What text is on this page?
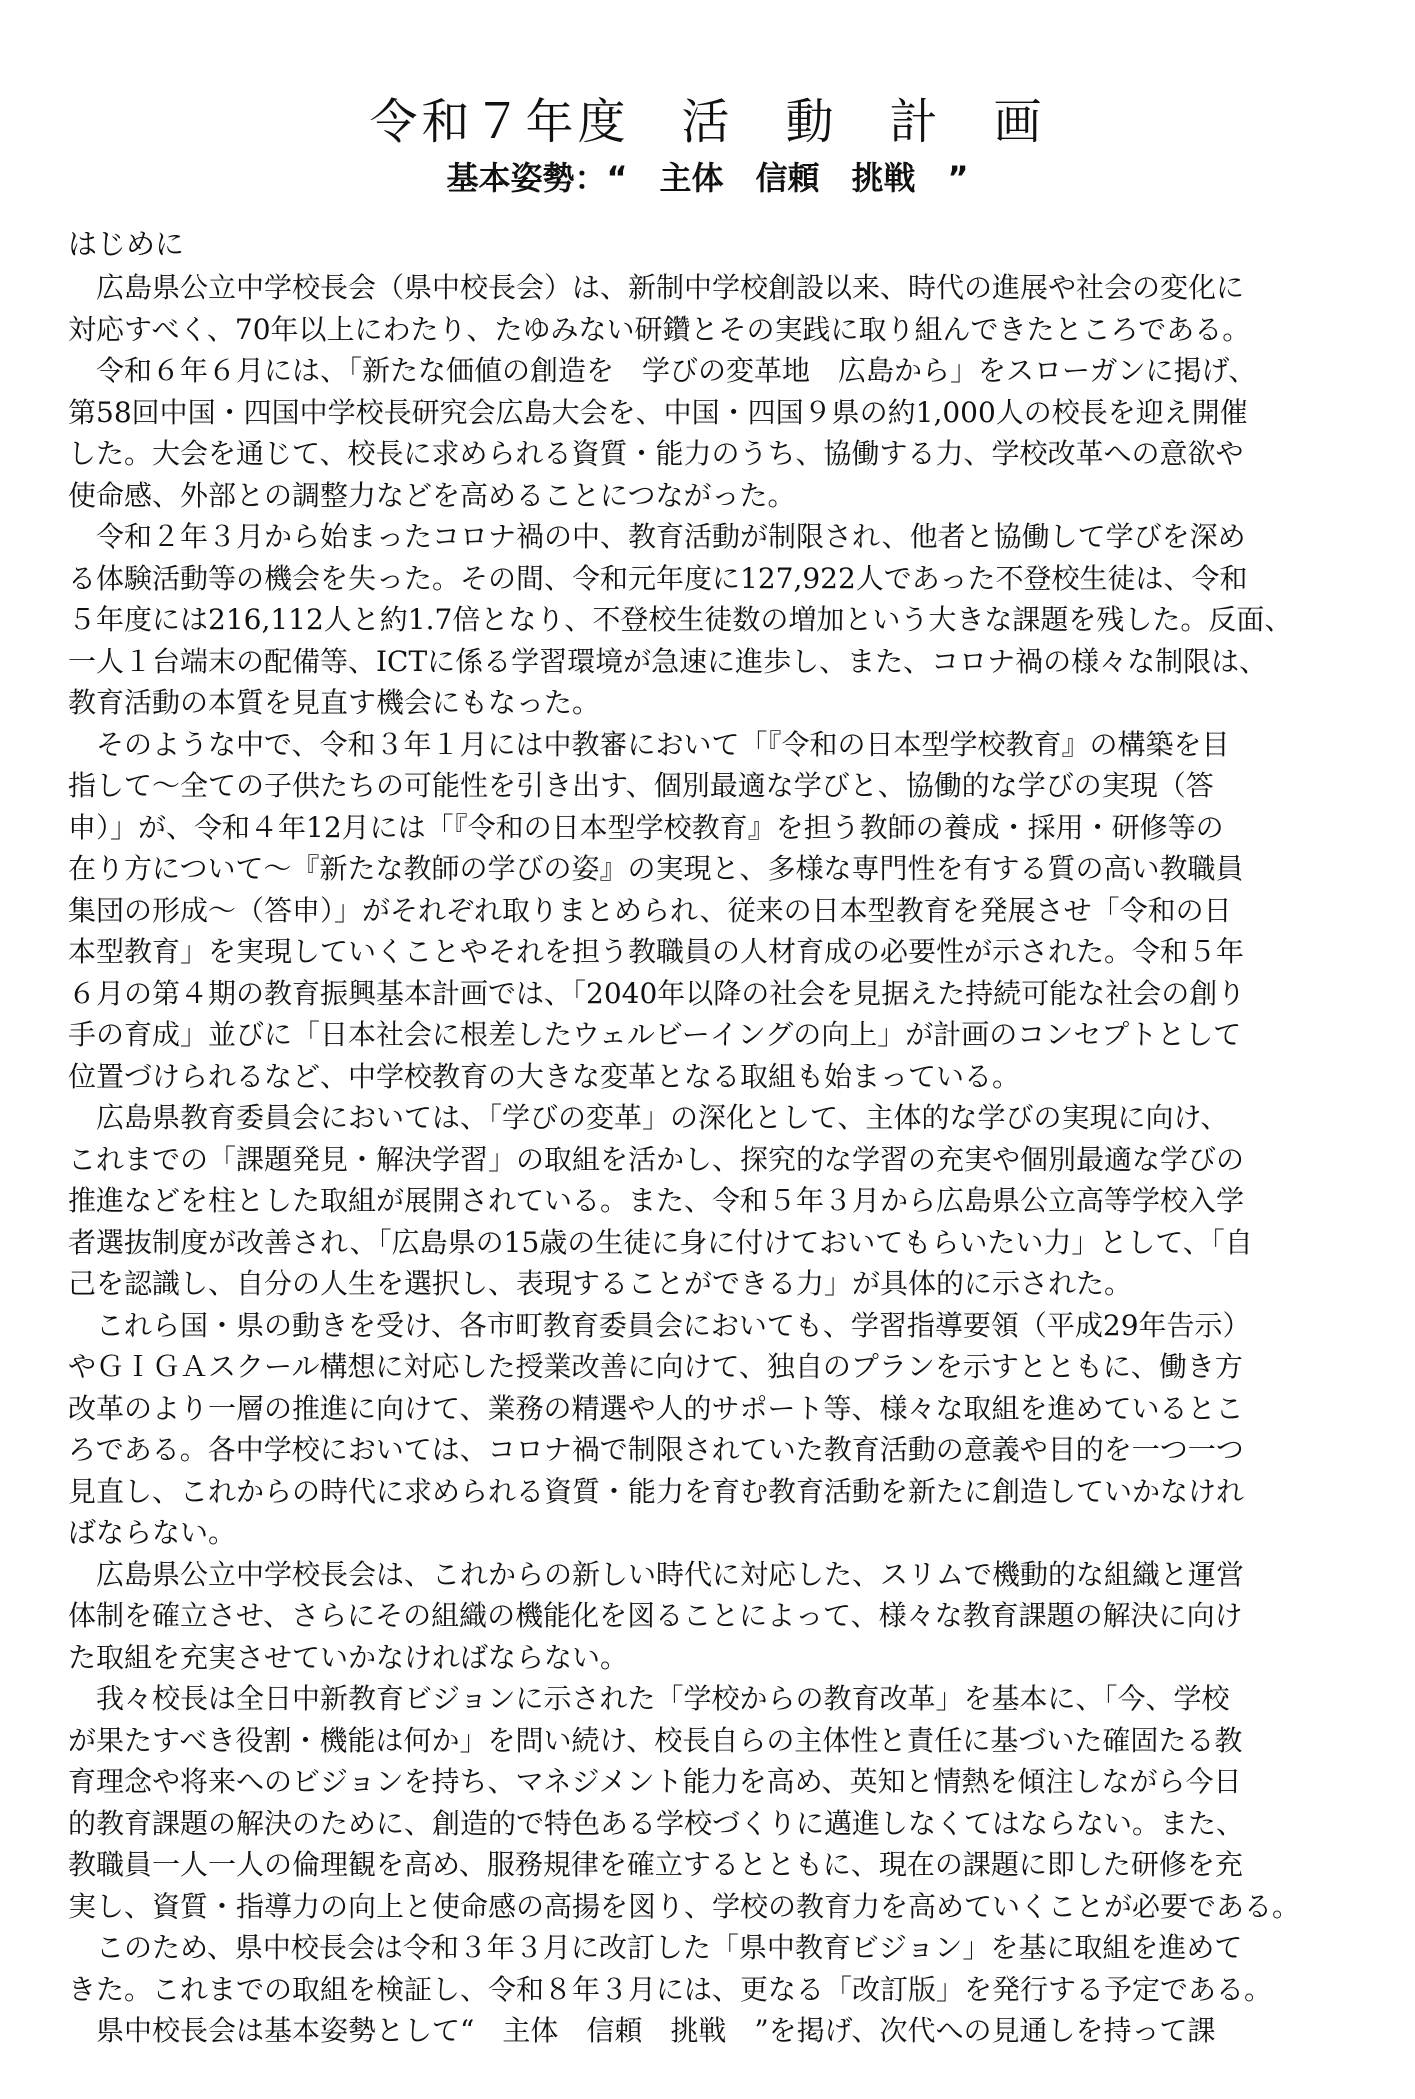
令和７年度　活　動　計　画
基本姿勢：“　主体　信頼　挑戦　”
はじめに
　広島県公立中学校長会（県中校長会）は、新制中学校創設以来、時代の進展や社会の変化に
対応すべく、70年以上にわたり、たゆみない研鑽とその実践に取り組んできたところである。
　令和６年６月には、「新たな価値の創造を　学びの変革地　広島から」をスローガンに掲げ、
第58回中国・四国中学校長研究会広島大会を、中国・四国９県の約1,000人の校長を迎え開催
した。大会を通じて、校長に求められる資質・能力のうち、協働する力、学校改革への意欲や
使命感、外部との調整力などを高めることにつながった。
　令和２年３月から始まったコロナ禍の中、教育活動が制限され、他者と協働して学びを深め
る体験活動等の機会を失った。その間、令和元年度に127,922人であった不登校生徒は、令和
５年度には216,112人と約1.7倍となり、不登校生徒数の増加という大きな課題を残した。反面、
一人１台端末の配備等、ICTに係る学習環境が急速に進歩し、また、コロナ禍の様々な制限は、
教育活動の本質を見直す機会にもなった。
　そのような中で、令和３年１月には中教審において「『令和の日本型学校教育』の構築を目
指して～全ての子供たちの可能性を引き出す、個別最適な学びと、協働的な学びの実現（答
申）」が、令和４年12月には「『令和の日本型学校教育』を担う教師の養成・採用・研修等の
在り方について～『新たな教師の学びの姿』の実現と、多様な専門性を有する質の高い教職員
集団の形成～（答申）」がそれぞれ取りまとめられ、従来の日本型教育を発展させ「令和の日
本型教育」を実現していくことやそれを担う教職員の人材育成の必要性が示された。令和５年
６月の第４期の教育振興基本計画では、「2040年以降の社会を見据えた持続可能な社会の創り
手の育成」並びに「日本社会に根差したウェルビーイングの向上」が計画のコンセプトとして
位置づけられるなど、中学校教育の大きな変革となる取組も始まっている。
　広島県教育委員会においては、「学びの変革」の深化として、主体的な学びの実現に向け、
これまでの「課題発見・解決学習」の取組を活かし、探究的な学習の充実や個別最適な学びの
推進などを柱とした取組が展開されている。また、令和５年３月から広島県公立高等学校入学
者選抜制度が改善され、「広島県の15歳の生徒に身に付けておいてもらいたい力」として、「自
己を認識し、自分の人生を選択し、表現することができる力」が具体的に示された。
　これら国・県の動きを受け、各市町教育委員会においても、学習指導要領（平成29年告示）
やＧＩＧＡスクール構想に対応した授業改善に向けて、独自のプランを示すとともに、働き方
改革のより一層の推進に向けて、業務の精選や人的サポート等、様々な取組を進めているとこ
ろである。各中学校においては、コロナ禍で制限されていた教育活動の意義や目的を一つ一つ
見直し、これからの時代に求められる資質・能力を育む教育活動を新たに創造していかなけれ
ばならない。
　広島県公立中学校長会は、これからの新しい時代に対応した、スリムで機動的な組織と運営
体制を確立させ、さらにその組織の機能化を図ることによって、様々な教育課題の解決に向け
た取組を充実させていかなければならない。
　我々校長は全日中新教育ビジョンに示された「学校からの教育改革」を基本に、「今、学校
が果たすべき役割・機能は何か」を問い続け、校長自らの主体性と責任に基づいた確固たる教
育理念や将来へのビジョンを持ち、マネジメント能力を高め、英知と情熱を傾注しながら今日
的教育課題の解決のために、創造的で特色ある学校づくりに邁進しなくてはならない。また、
教職員一人一人の倫理観を高め、服務規律を確立するとともに、現在の課題に即した研修を充
実し、資質・指導力の向上と使命感の高揚を図り、学校の教育力を高めていくことが必要である。
　このため、県中校長会は令和３年３月に改訂した「県中教育ビジョン」を基に取組を進めて
きた。これまでの取組を検証し、令和８年３月には、更なる「改訂版」を発行する予定である。
　県中校長会は基本姿勢として“　主体　信頼　挑戦　”を掲げ、次代への見通しを持って課
